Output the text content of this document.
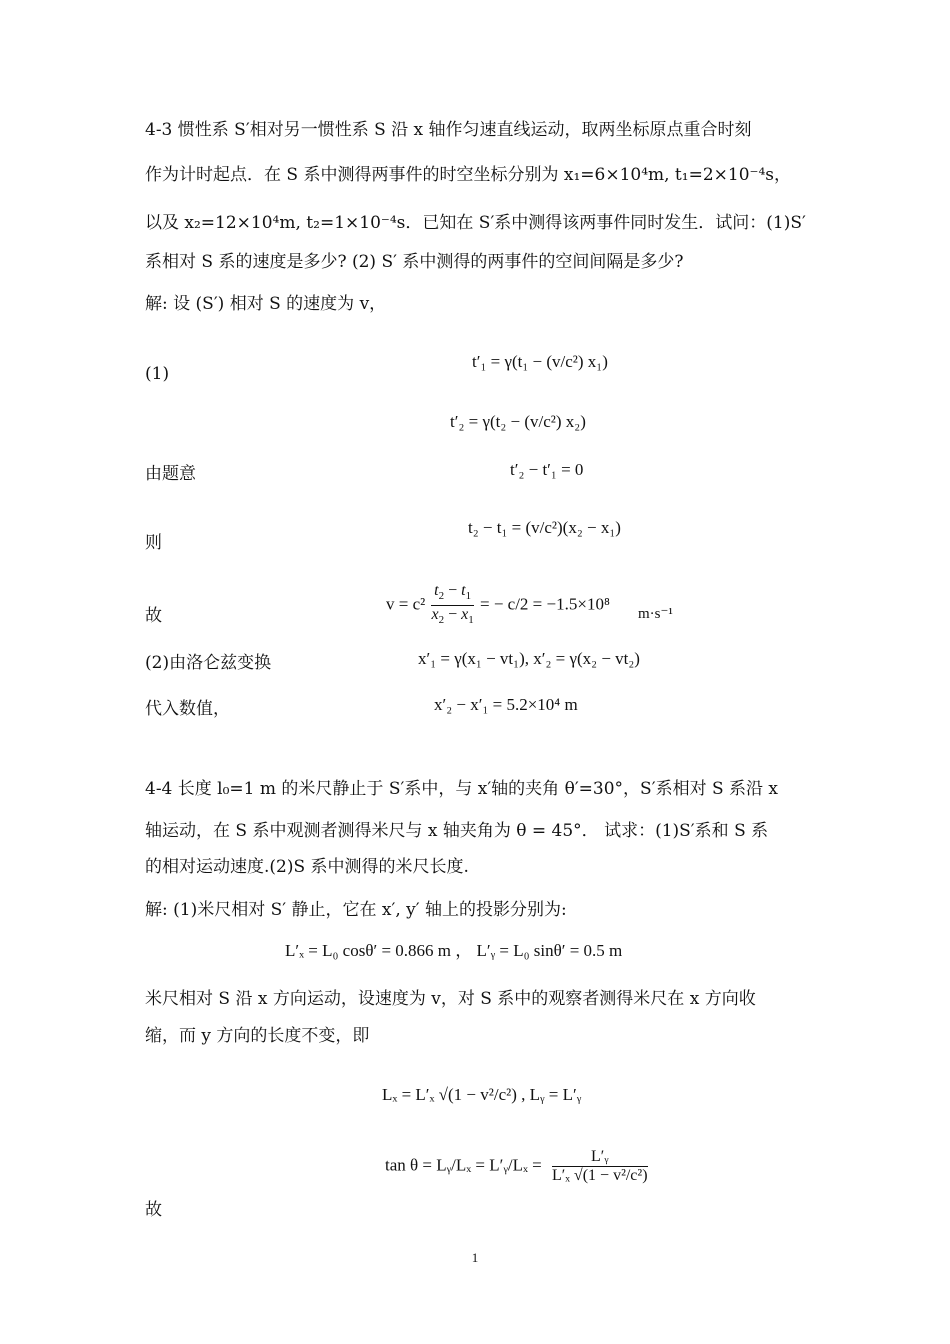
4-3 惯性系 S′相对另一惯性系 S 沿 x 轴作匀速直线运动，取两坐标原点重合时刻
作为计时起点．在 S 系中测得两事件的时空坐标分别为 x₁=6×10⁴m, t₁=2×10⁻⁴s，
以及 x₂=12×10⁴m, t₂=1×10⁻⁴s．已知在 S′系中测得该两事件同时发生．试问：(1)S′
系相对 S 系的速度是多少? (2) S′ 系中测得的两事件的空间间隔是多少?
解: 设 (S′) 相对 S 的速度为 v，
(1)
t′₁ = γ(t₁ − (v/c²) x₁)
t′₂ = γ(t₂ − (v/c²) x₂)
由题意	t′₂ − t′₁ = 0
则
t₂ − t₁ = (v/c²)(x₂ − x₁)
故
$v = c^2 \frac{t_2 - t_1}{x_2 - x_1}$ = − c/2 = −1.5×10⁸
m·s⁻¹
(2)由洛仑兹变换	x′₁ = γ(x₁ − vt₁), x′₂ = γ(x₂ − vt₂)
代入数值，	x′₂ − x′₁ = 5.2×10⁴ m
4-4 长度 l₀=1 m 的米尺静止于 S′系中，与 x′轴的夹角 θ′=30°，S′系相对 S 系沿 x
轴运动，在 S 系中观测者测得米尺与 x 轴夹角为 θ = 45°． 试求：(1)S′系和 S 系
的相对运动速度.(2)S 系中测得的米尺长度.
解: (1)米尺相对 S′ 静止，它在 x′, y′ 轴上的投影分别为:
L′ₓ = L₀ cosθ′ = 0.866 m ， L′ᵧ = L₀ sinθ′ = 0.5 m
米尺相对 S 沿 x 方向运动，设速度为 v，对 S 系中的观察者测得米尺在 x 方向收
缩，而 y 方向的长度不变，即
Lₓ = L′ₓ √(1 − v²/c²) , Lᵧ = L′ᵧ
tan θ = Lᵧ/Lₓ = L′ᵧ/Lₓ = $\frac{\text{L′ᵧ}}{\text{L′ₓ √(1 − v²/c²)}}$
故
1
